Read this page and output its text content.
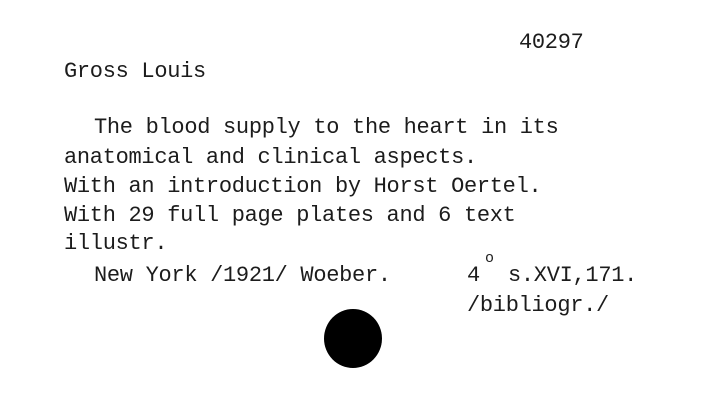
40297
Gross Louis
The blood supply to the heart in its
anatomical and clinical aspects.
With an introduction by Horst Oertel.
With 29 full page plates and 6 text
illustr.
New York /1921/ Woeber.	4
o
s.XVI,171.
/bibliogr./
